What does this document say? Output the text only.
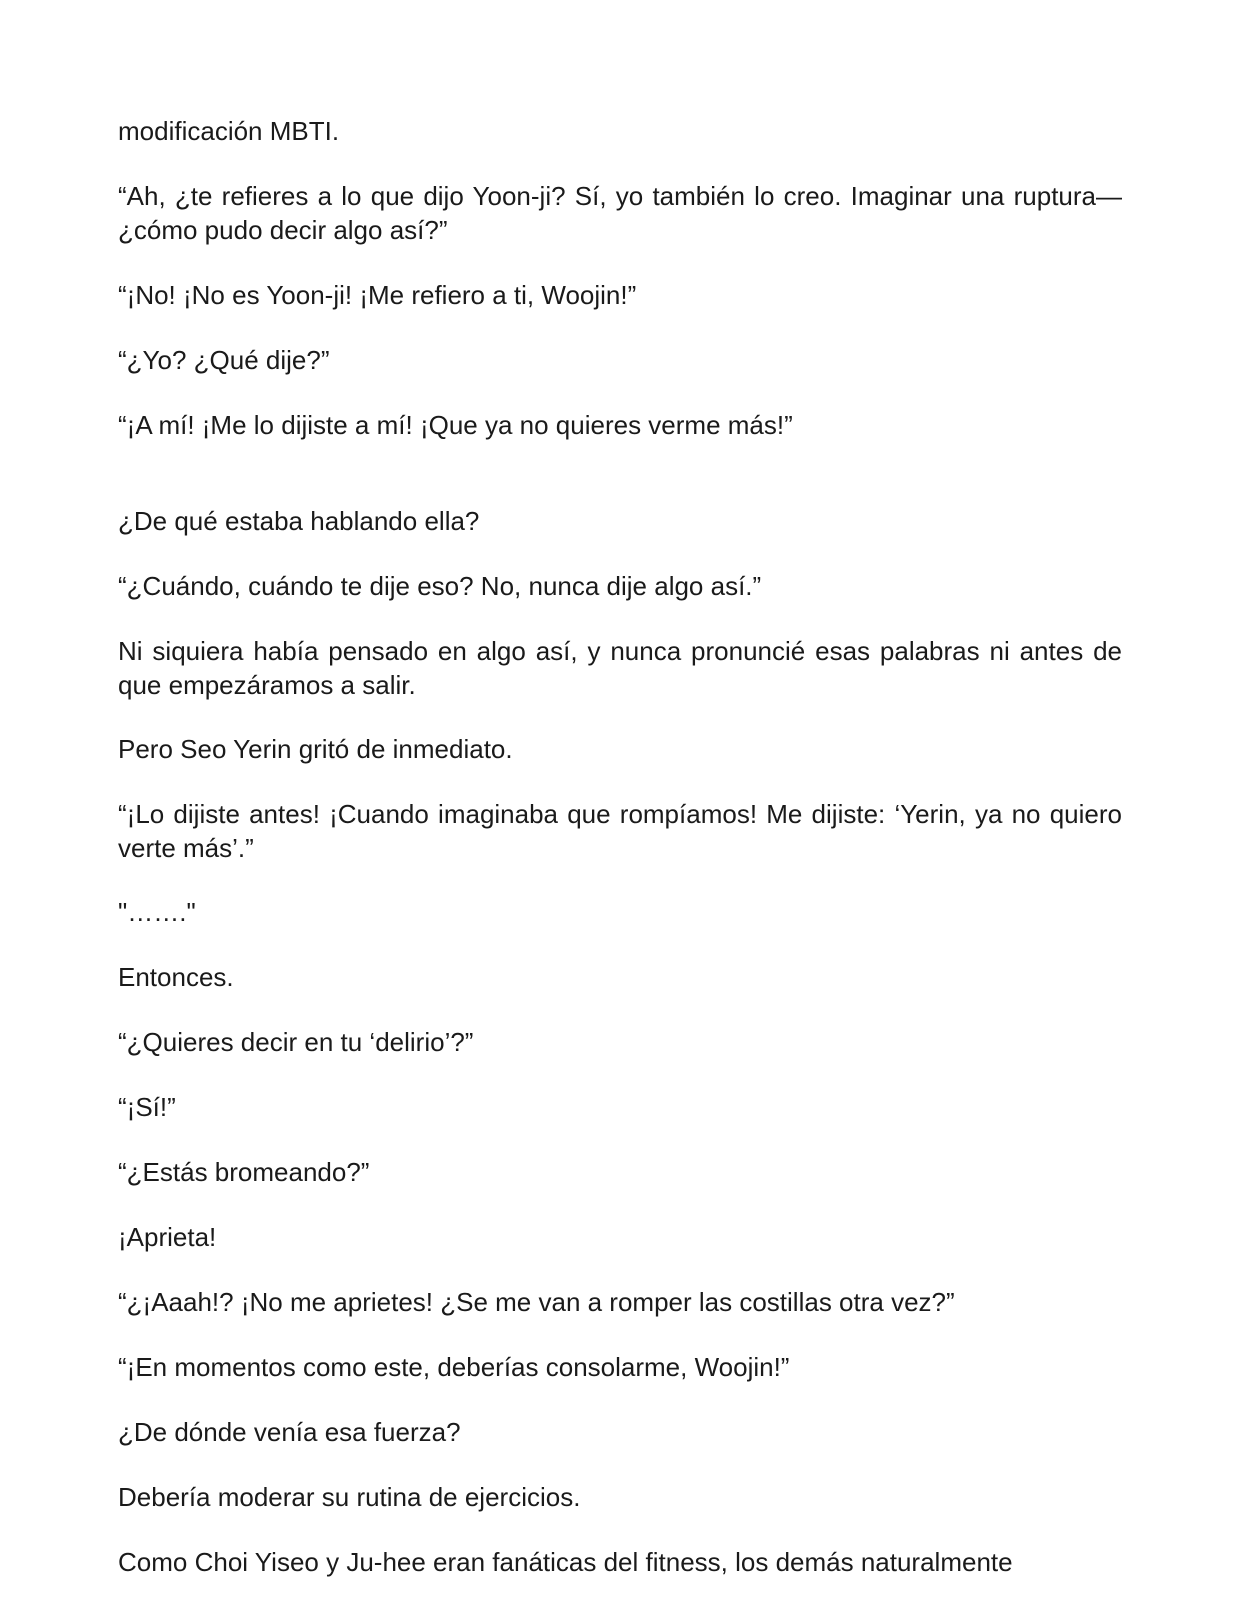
modificación MBTI.

“Ah, ¿te refieres a lo que dijo Yoon-ji? Sí, yo también lo creo. Imaginar una ruptura—¿cómo pudo decir algo así?”

“¡No! ¡No es Yoon-ji! ¡Me refiero a ti, Woojin!”

“¿Yo? ¿Qué dije?”

“¡A mí! ¡Me lo dijiste a mí! ¡Que ya no quieres verme más!”

¿De qué estaba hablando ella?

“¿Cuándo, cuándo te dije eso? No, nunca dije algo así.”

Ni siquiera había pensado en algo así, y nunca pronuncié esas palabras ni antes de que empezáramos a salir.

Pero Seo Yerin gritó de inmediato.

“¡Lo dijiste antes! ¡Cuando imaginaba que rompíamos! Me dijiste: ‘Yerin, ya no quiero verte más’.”

"……."

Entonces.

“¿Quieres decir en tu ‘delirio’?”

“¡Sí!”

“¿Estás bromeando?”

¡Aprieta!

“¿¡Aaah!? ¡No me aprietes! ¿Se me van a romper las costillas otra vez?”

“¡En momentos como este, deberías consolarme, Woojin!”

¿De dónde venía esa fuerza?

Debería moderar su rutina de ejercicios.

Como Choi Yiseo y Ju-hee eran fanáticas del fitness, los demás naturalmente
